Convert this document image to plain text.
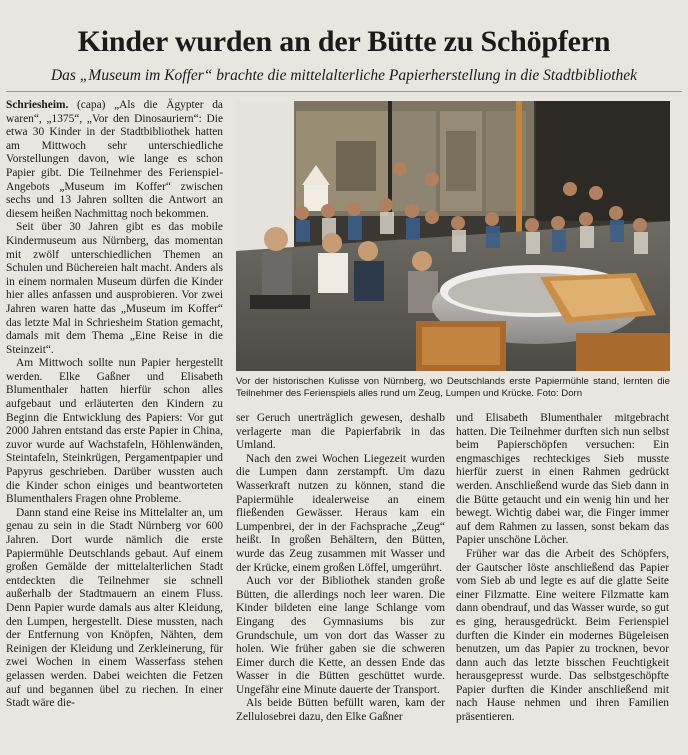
Kinder wurden an der Bütte zu Schöpfern
Das „Museum im Koffer“ brachte die mittelalterliche Papierherstellung in die Stadtbibliothek

Schriesheim. (capa) „Als die Ägypter da waren“, „1375“, „Vor den Dinosauriern“: Die etwa 30 Kinder in der Stadtbibliothek hatten am Mittwoch sehr unterschiedliche Vorstellungen davon, wie lange es schon Papier gibt. Die Teilnehmer des Ferienspiel-Angebots „Museum im Koffer“ zwischen sechs und 13 Jahren sollten die Antwort an diesem heißen Nachmittag noch bekommen.

Seit über 30 Jahren gibt es das mobile Kindermuseum aus Nürnberg, das momentan mit zwölf unterschiedlichen Themen an Schulen und Büchereien halt macht. Anders als in einem normalen Museum dürfen die Kinder hier alles anfassen und ausprobieren. Vor zwei Jahren waren hatte das „Museum im Koffer“ das letzte Mal in Schriesheim Station gemacht, damals mit dem Thema „Eine Reise in die Steinzeit“.

Am Mittwoch sollte nun Papier hergestellt werden. Elke Gaßner und Elisabeth Blumenthaler hatten hierfür schon alles aufgebaut und erläuterten den Kindern zu Beginn die Entwicklung des Papiers: Vor gut 2000 Jahren entstand das erste Papier in China, zuvor wurde auf Wachstafeln, Höhlenwänden, Steintafeln, Steinkrügen, Pergamentpapier und Papyrus geschrieben. Darüber wussten auch die Kinder schon einiges und beantworteten Blumenthalers Fragen ohne Probleme.

Dann stand eine Reise ins Mittelalter an, um genau zu sein in die Stadt Nürnberg vor 600 Jahren. Dort wurde nämlich die erste Papiermühle Deutschlands gebaut. Auf einem großen Gemälde der mittelalterlichen Stadt entdeckten die Teilnehmer sie schnell außerhalb der Stadtmauern an einem Fluss. Denn Papier wurde damals aus alter Kleidung, den Lumpen, hergestellt. Diese mussten, nach der Entfernung von Knöpfen, Nähten, dem Reinigen der Kleidung und Zerkleinerung, für zwei Wochen in einem Wasserfass stehen gelassen werden. Dabei weichten die Fetzen auf und begannen übel zu riechen. In einer Stadt wäre die-

Vor der historischen Kulisse von Nürnberg, wo Deutschlands erste Papiermühle stand, lernten die Teilnehmer des Ferienspiels alles rund um Zeug, Lumpen und Krücke. Foto: Dorn

ser Geruch unerträglich gewesen, deshalb verlagerte man die Papierfabrik in das Umland.

Nach den zwei Wochen Liegezeit wurden die Lumpen dann zerstampft. Um dazu Wasserkraft nutzen zu können, stand die Papiermühle idealerweise an einem fließenden Gewässer. Heraus kam ein Lumpenbrei, der in der Fachsprache „Zeug“ heißt. In großen Behältern, den Bütten, wurde das Zeug zusammen mit Wasser und der Krücke, einem großen Löffel, umgerührt.

Auch vor der Bibliothek standen große Bütten, die allerdings noch leer waren. Die Kinder bildeten eine lange Schlange vom Eingang des Gymnasiums bis zur Grundschule, um von dort das Wasser zu holen. Wie früher gaben sie die schweren Eimer durch die Kette, an dessen Ende das Wasser in die Bütten geschüttet wurde. Ungefähr eine Minute dauerte der Transport.

Als beide Bütten befüllt waren, kam der Zellulosebrei dazu, den Elke Gaßner

und Elisabeth Blumenthaler mitgebracht hatten. Die Teilnehmer durften sich nun selbst beim Papierschöpfen versuchen: Ein engmaschiges rechteckiges Sieb musste hierfür zuerst in einen Rahmen gedrückt werden. Anschließend wurde das Sieb dann in die Bütte getaucht und ein wenig hin und her bewegt. Wichtig dabei war, die Finger immer auf dem Rahmen zu lassen, sonst bekam das Papier unschöne Löcher.

Früher war das die Arbeit des Schöpfers, der Gautscher löste anschließend das Papier vom Sieb ab und legte es auf die glatte Seite einer Filzmatte. Eine weitere Filzmatte kam dann obendrauf, und das Wasser wurde, so gut es ging, herausgedrückt. Beim Ferienspiel durften die Kinder ein modernes Bügeleisen benutzen, um das Papier zu trocknen, bevor dann auch das letzte bisschen Feuchtigkeit herausgepresst wurde. Das selbstgeschöpfte Papier durften die Kinder anschließend mit nach Hause nehmen und ihren Familien präsentieren.
